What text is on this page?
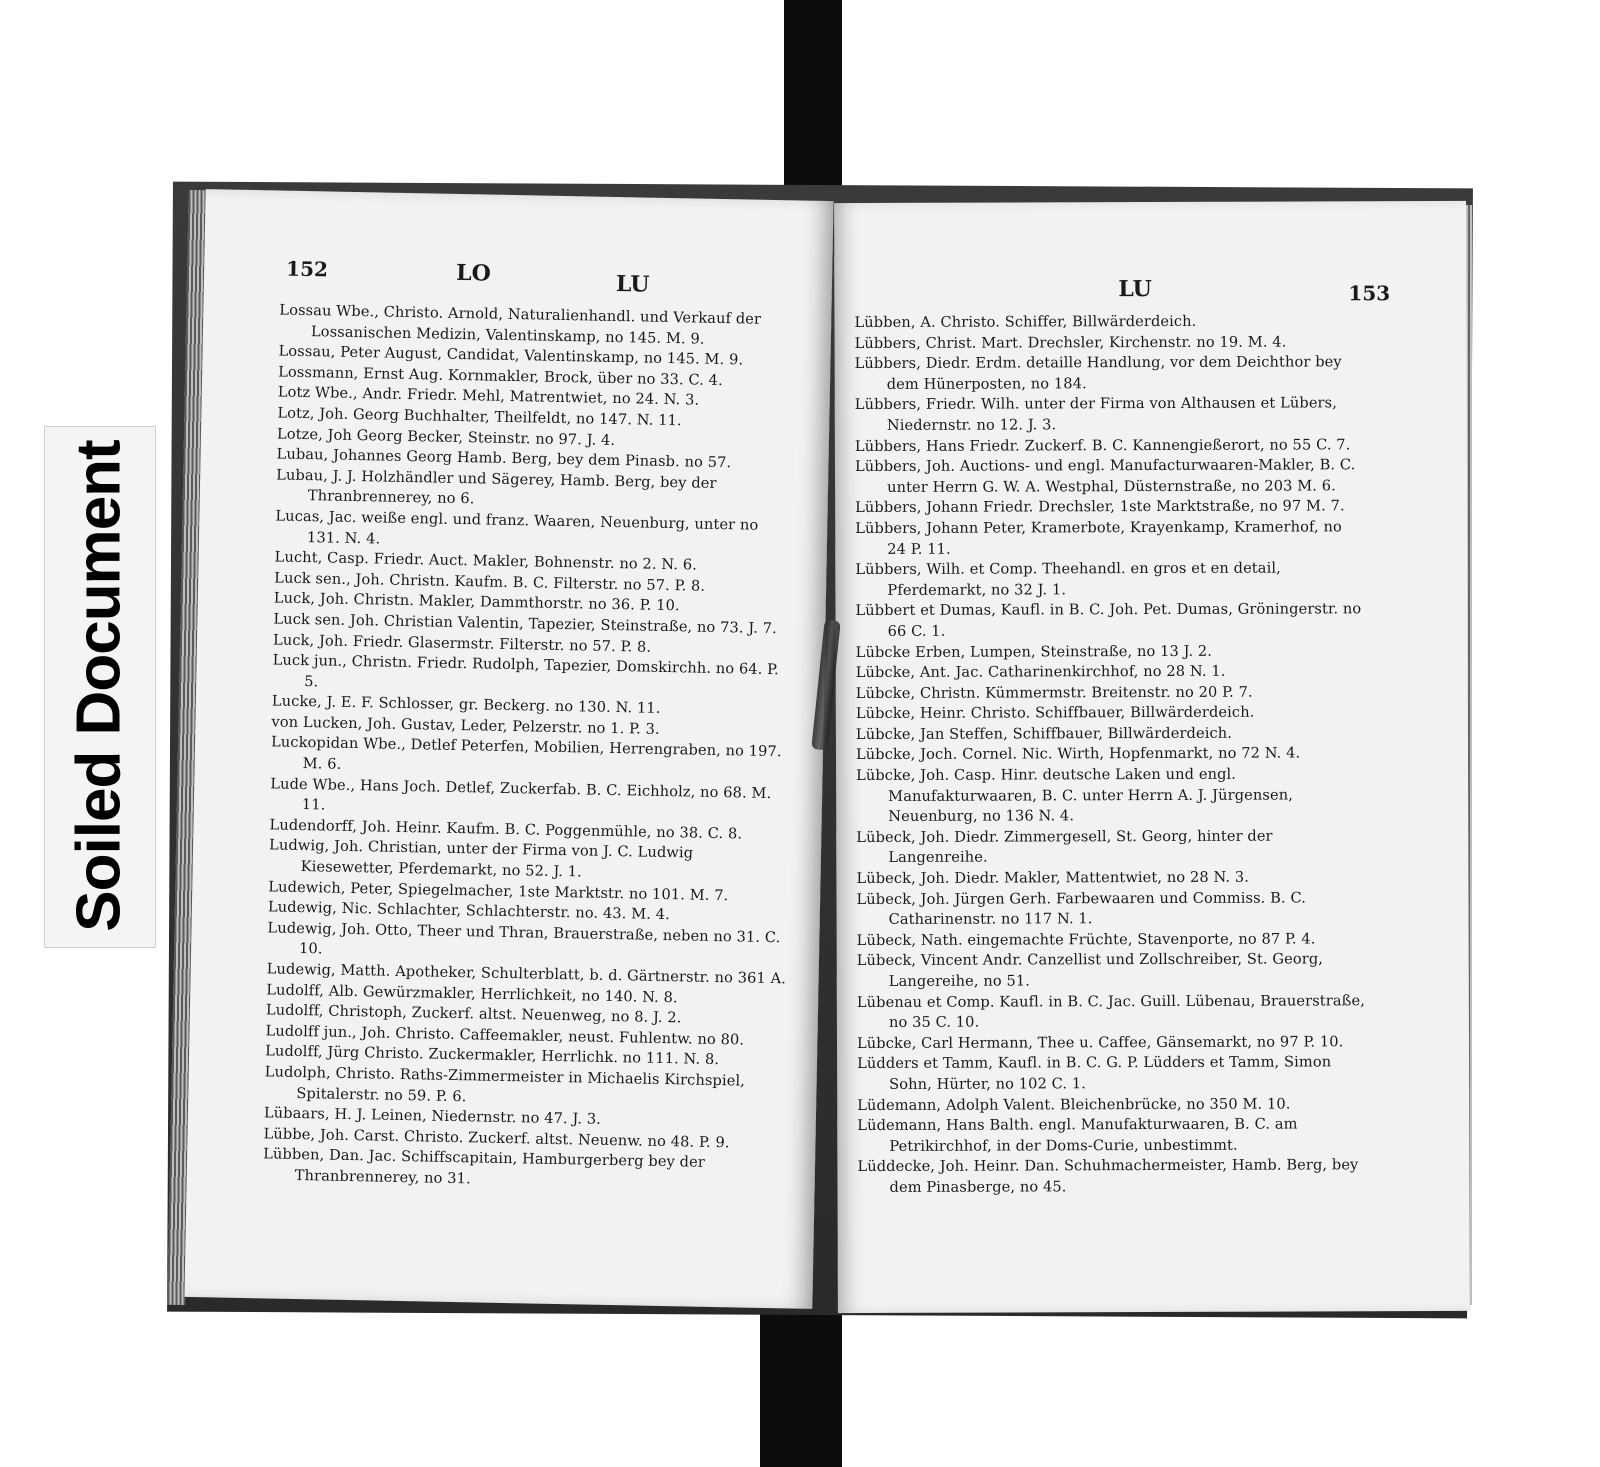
Soiled Document
152	LO	LU

Lossau Wbe., Christo. Arnold, Naturalienhandl. und Verkauf der Lossanischen Medizin, Valentinskamp, no 145. M. 9.

Lossau, Peter August, Candidat, Valentinskamp, no 145. M. 9.

Lossmann, Ernst Aug. Kornmakler, Brock, über no 33. C. 4.

Lotz Wbe., Andr. Friedr. Mehl, Matrentwiet, no 24. N. 3.

Lotz, Joh. Georg Buchhalter, Theilfeldt, no 147. N. 11.

Lotze, Joh Georg Becker, Steinstr. no 97. J. 4.

Lubau, Johannes Georg Hamb. Berg, bey dem Pinasb. no 57.

Lubau, J. J. Holzhändler und Sägerey, Hamb. Berg, bey der Thranbrennerey, no 6.

Lucas, Jac. weiße engl. und franz. Waaren, Neuenburg, unter no 131. N. 4.

Lucht, Casp. Friedr. Auct. Makler, Bohnenstr. no 2. N. 6.

Luck sen., Joh. Christn. Kaufm. B. C. Filterstr. no 57. P. 8.

Luck, Joh. Christn. Makler, Dammthorstr. no 36. P. 10.

Luck sen. Joh. Christian Valentin, Tapezier, Steinstraße, no 73. J. 7.

Luck, Joh. Friedr. Glasermstr. Filterstr. no 57. P. 8.

Luck jun., Christn. Friedr. Rudolph, Tapezier, Domskirchh. no 64. P. 5.

Lucke, J. E. F. Schlosser, gr. Beckerg. no 130. N. 11.

von Lucken, Joh. Gustav, Leder, Pelzerstr. no 1. P. 3.

Luckopidan Wbe., Detlef Peterfen, Mobilien, Herrengraben, no 197. M. 6.

Lude Wbe., Hans Joch. Detlef, Zuckerfab. B. C. Eichholz, no 68. M. 11.

Ludendorff, Joh. Heinr. Kaufm. B. C. Poggenmühle, no 38. C. 8.

Ludwig, Joh. Christian, unter der Firma von J. C. Ludwig Kiesewetter, Pferdemarkt, no 52. J. 1.

Ludewich, Peter, Spiegelmacher, 1ste Marktstr. no 101. M. 7.

Ludewig, Nic. Schlachter, Schlachterstr. no. 43. M. 4.

Ludewig, Joh. Otto, Theer und Thran, Brauerstraße, neben no 31. C. 10.

Ludewig, Matth. Apotheker, Schulterblatt, b. d. Gärtnerstr. no 361 A.

Ludolff, Alb. Gewürzmakler, Herrlichkeit, no 140. N. 8.

Ludolff, Christoph, Zuckerf. altst. Neuenweg, no 8. J. 2.

Ludolff jun., Joh. Christo. Caffeemakler, neust. Fuhlentw. no 80.

Ludolff, Jürg Christo. Zuckermakler, Herrlichk. no 111. N. 8.

Ludolph, Christo. Raths-Zimmermeister in Michaelis Kirchspiel, Spitalerstr. no 59. P. 6.

Lübaars, H. J. Leinen, Niedernstr. no 47. J. 3.

Lübbe, Joh. Carst. Christo. Zuckerf. altst. Neuenw. no 48. P. 9.

Lübben, Dan. Jac. Schiffscapitain, Hamburgerberg bey der Thranbrennerey, no 31.

LU	153

Lübben, A. Christo. Schiffer, Billwärderdeich.

Lübbers, Christ. Mart. Drechsler, Kirchenstr. no 19. M. 4.

Lübbers, Diedr. Erdm. detaille Handlung, vor dem Deichthor bey dem Hünerposten, no 184.

Lübbers, Friedr. Wilh. unter der Firma von Althausen et Lübers, Niedernstr. no 12. J. 3.

Lübbers, Hans Friedr. Zuckerf. B. C. Kannengießerort, no 55 C. 7.

Lübbers, Joh. Auctions- und engl. Manufacturwaaren-Makler, B. C. unter Herrn G. W. A. Westphal, Düsternstraße, no 203 M. 6.

Lübbers, Johann Friedr. Drechsler, 1ste Marktstraße, no 97 M. 7.

Lübbers, Johann Peter, Kramerbote, Krayenkamp, Kramerhof, no 24 P. 11.

Lübbers, Wilh. et Comp. Theehandl. en gros et en detail, Pferdemarkt, no 32 J. 1.

Lübbert et Dumas, Kaufl. in B. C. Joh. Pet. Dumas, Gröningerstr. no 66 C. 1.

Lübcke Erben, Lumpen, Steinstraße, no 13 J. 2.

Lübcke, Ant. Jac. Catharinenkirchhof, no 28 N. 1.

Lübcke, Christn. Kümmermstr. Breitenstr. no 20 P. 7.

Lübcke, Heinr. Christo. Schiffbauer, Billwärderdeich.

Lübcke, Jan Steffen, Schiffbauer, Billwärderdeich.

Lübcke, Joch. Cornel. Nic. Wirth, Hopfenmarkt, no 72 N. 4.

Lübcke, Joh. Casp. Hinr. deutsche Laken und engl. Manufakturwaaren, B. C. unter Herrn A. J. Jürgensen, Neuenburg, no 136 N. 4.

Lübeck, Joh. Diedr. Zimmergesell, St. Georg, hinter der Langenreihe.

Lübeck, Joh. Diedr. Makler, Mattentwiet, no 28 N. 3.

Lübeck, Joh. Jürgen Gerh. Farbewaaren und Commiss. B. C. Catharinenstr. no 117 N. 1.

Lübeck, Nath. eingemachte Früchte, Stavenporte, no 87 P. 4.

Lübeck, Vincent Andr. Canzellist und Zollschreiber, St. Georg, Langereihe, no 51.

Lübenau et Comp. Kaufl. in B. C. Jac. Guill. Lübenau, Brauerstraße, no 35 C. 10.

Lübcke, Carl Hermann, Thee u. Caffee, Gänsemarkt, no 97 P. 10.

Lüdders et Tamm, Kaufl. in B. C. G. P. Lüdders et Tamm, Simon Sohn, Hürter, no 102 C. 1.

Lüdemann, Adolph Valent. Bleichenbrücke, no 350 M. 10.

Lüdemann, Hans Balth. engl. Manufakturwaaren, B. C. am Petrikirchhof, in der Doms-Curie, unbestimmt.

Lüddecke, Joh. Heinr. Dan. Schuhmachermeister, Hamb. Berg, bey dem Pinasberge, no 45.
